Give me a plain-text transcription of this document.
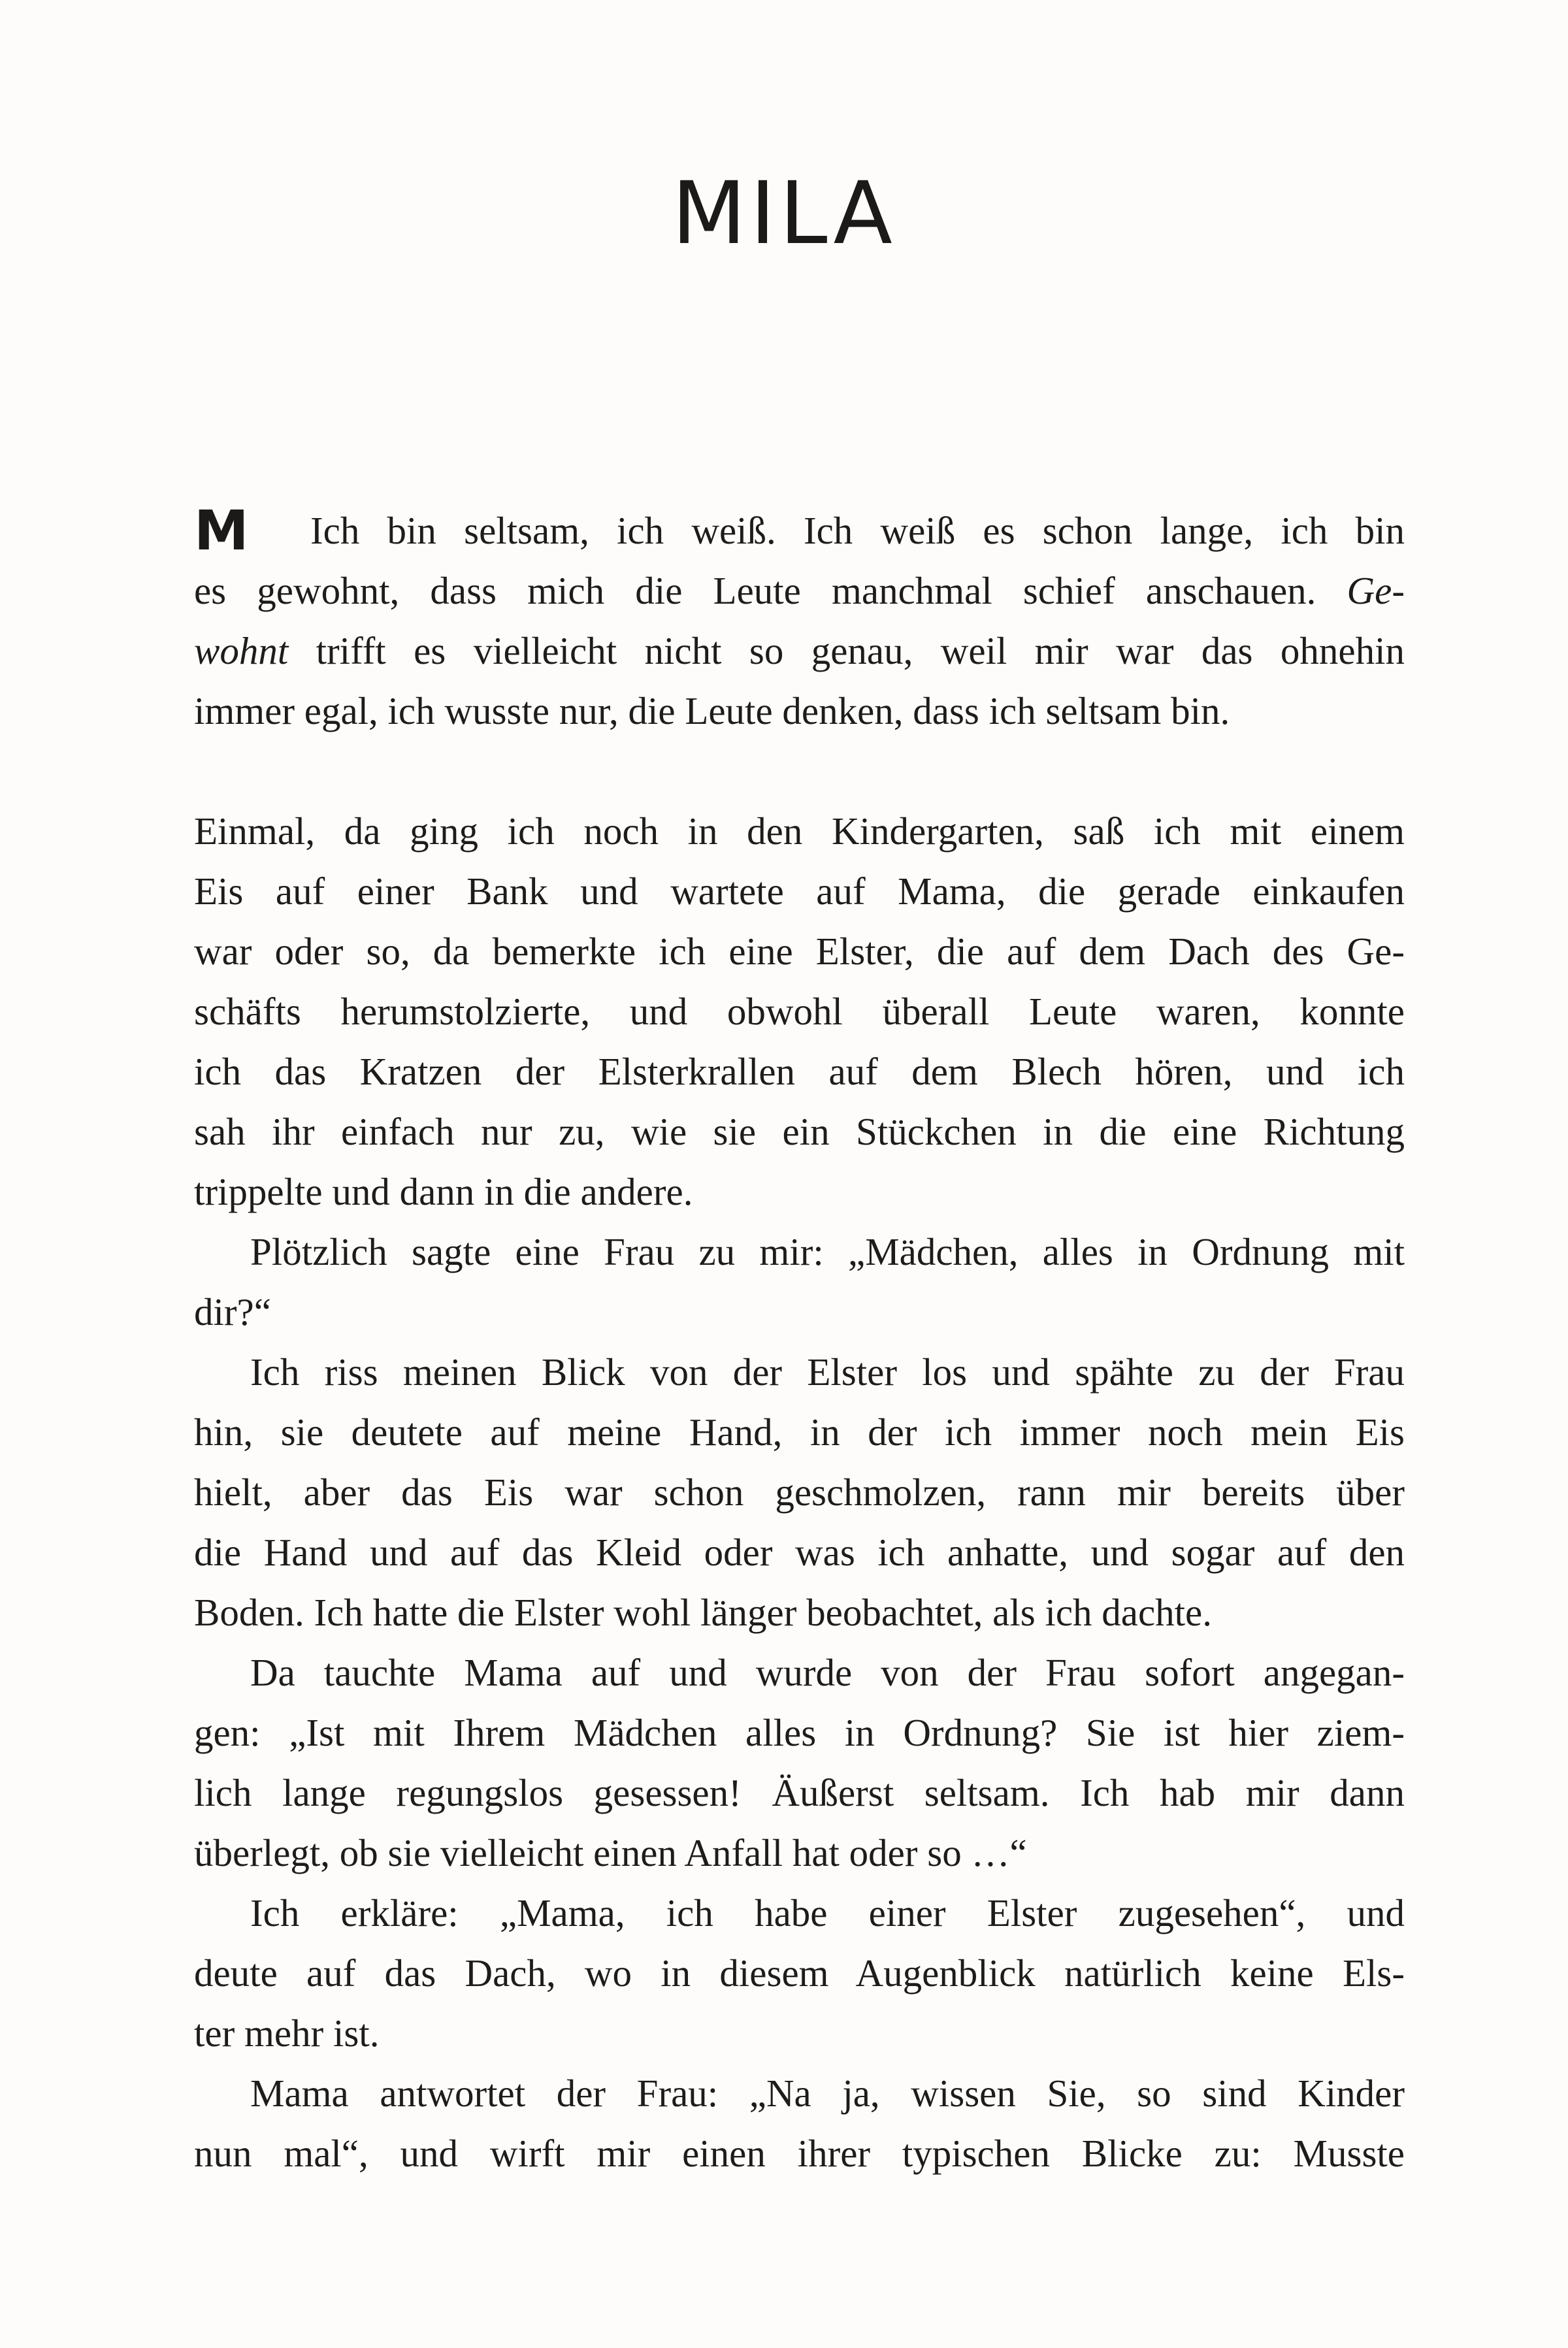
MILA
M	Ich bin seltsam, ich weiß. Ich weiß es schon lange, ich bin
es gewohnt, dass mich die Leute manchmal schief anschauen. Ge-
wohnt trifft es vielleicht nicht so genau, weil mir war das ohnehin
immer egal, ich wusste nur, die Leute denken, dass ich seltsam bin.
Einmal, da ging ich noch in den Kindergarten, saß ich mit einem
Eis auf einer Bank und wartete auf Mama, die gerade einkaufen
war oder so, da bemerkte ich eine Elster, die auf dem Dach des Ge-
schäfts herumstolzierte, und obwohl überall Leute waren, konnte
ich das Kratzen der Elsterkrallen auf dem Blech hören, und ich
sah ihr einfach nur zu, wie sie ein Stückchen in die eine Richtung
trippelte und dann in die andere.
Plötzlich sagte eine Frau zu mir: „Mädchen, alles in Ordnung mit
dir?“
Ich riss meinen Blick von der Elster los und spähte zu der Frau
hin, sie deutete auf meine Hand, in der ich immer noch mein Eis
hielt, aber das Eis war schon geschmolzen, rann mir bereits über
die Hand und auf das Kleid oder was ich anhatte, und sogar auf den
Boden. Ich hatte die Elster wohl länger beobachtet, als ich dachte.
Da tauchte Mama auf und wurde von der Frau sofort angegan-
gen: „Ist mit Ihrem Mädchen alles in Ordnung? Sie ist hier ziem-
lich lange regungslos gesessen! Äußerst seltsam. Ich hab mir dann
überlegt, ob sie vielleicht einen Anfall hat oder so …“
Ich erkläre: „Mama, ich habe einer Elster zugesehen“, und
deute auf das Dach, wo in diesem Augenblick natürlich keine Els-
ter mehr ist.
Mama antwortet der Frau: „Na ja, wissen Sie, so sind Kinder
nun mal“, und wirft mir einen ihrer typischen Blicke zu: Musste
